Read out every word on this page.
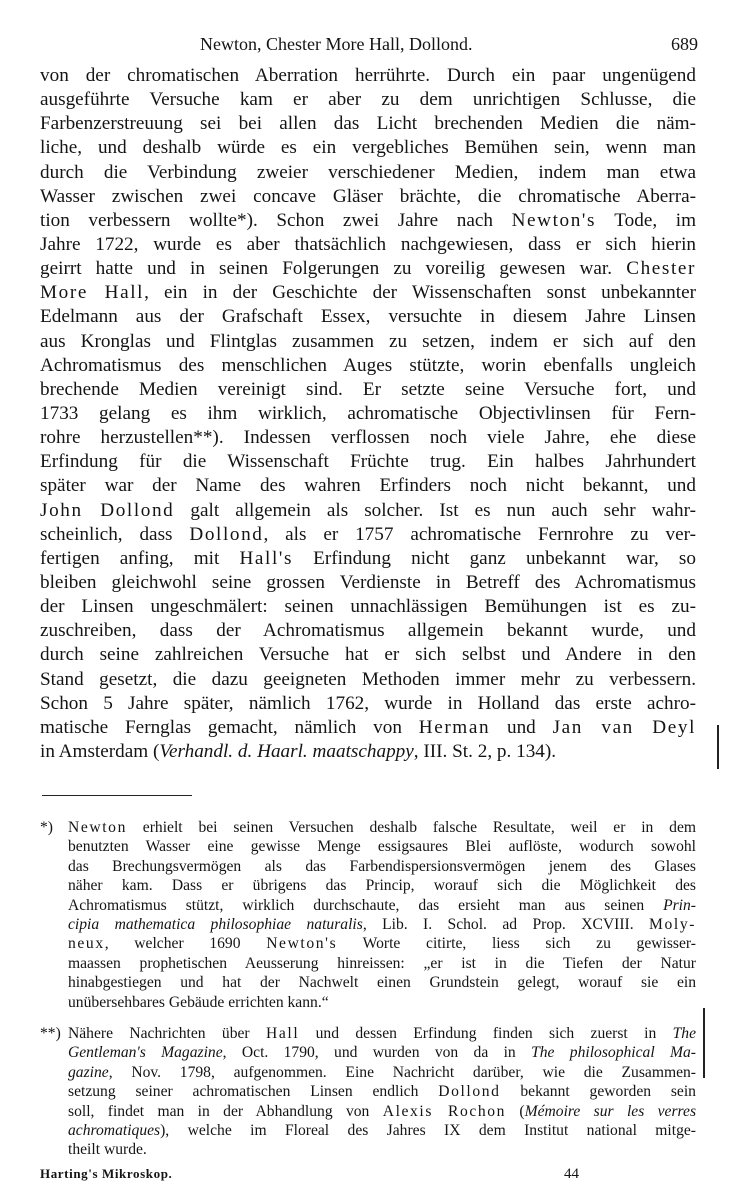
Newton, Chester More Hall, Dollond.	689
von der chromatischen Aberration herrührte. Durch ein paar ungenügend
ausgeführte Versuche kam er aber zu dem unrichtigen Schlusse, die
Farbenzerstreuung sei bei allen das Licht brechenden Medien die näm-
liche, und deshalb würde es ein vergebliches Bemühen sein, wenn man
durch die Verbindung zweier verschiedener Medien, indem man etwa
Wasser zwischen zwei concave Gläser brächte, die chromatische Aberra-
tion verbessern wollte*). Schon zwei Jahre nach Newton's Tode, im
Jahre 1722, wurde es aber thatsächlich nachgewiesen, dass er sich hierin
geirrt hatte und in seinen Folgerungen zu voreilig gewesen war. Chester
More Hall, ein in der Geschichte der Wissenschaften sonst unbekannter
Edelmann aus der Grafschaft Essex, versuchte in diesem Jahre Linsen
aus Kronglas und Flintglas zusammen zu setzen, indem er sich auf den
Achromatismus des menschlichen Auges stützte, worin ebenfalls ungleich
brechende Medien vereinigt sind. Er setzte seine Versuche fort, und
1733 gelang es ihm wirklich, achromatische Objectivlinsen für Fern-
rohre herzustellen**). Indessen verflossen noch viele Jahre, ehe diese
Erfindung für die Wissenschaft Früchte trug. Ein halbes Jahrhundert
später war der Name des wahren Erfinders noch nicht bekannt, und
John Dollond galt allgemein als solcher. Ist es nun auch sehr wahr-
scheinlich, dass Dollond, als er 1757 achromatische Fernrohre zu ver-
fertigen anfing, mit Hall's Erfindung nicht ganz unbekannt war, so
bleiben gleichwohl seine grossen Verdienste in Betreff des Achromatismus
der Linsen ungeschmälert: seinen unnachlässigen Bemühungen ist es zu-
zuschreiben, dass der Achromatismus allgemein bekannt wurde, und
durch seine zahlreichen Versuche hat er sich selbst und Andere in den
Stand gesetzt, die dazu geeigneten Methoden immer mehr zu verbessern.
Schon 5 Jahre später, nämlich 1762, wurde in Holland das erste achro-
matische Fernglas gemacht, nämlich von Herman und Jan van Deyl
in Amsterdam (Verhandl. d. Haarl. maatschappy, III. St. 2, p. 134).
*) Newton erhielt bei seinen Versuchen deshalb falsche Resultate, weil er in dem
benutzten Wasser eine gewisse Menge essigsaures Blei auflöste, wodurch sowohl
das Brechungsvermögen als das Farbendispersionsvermögen jenem des Glases
näher kam. Dass er übrigens das Princip, worauf sich die Möglichkeit des
Achromatismus stützt, wirklich durchschaute, das ersieht man aus seinen Prin-
cipia mathematica philosophiae naturalis, Lib. I. Schol. ad Prop. XCVIII. Moly-
neux, welcher 1690 Newton's Worte citirte, liess sich zu gewisser-
maassen prophetischen Aeusserung hinreissen: „er ist in die Tiefen der Natur
hinabgestiegen und hat der Nachwelt einen Grundstein gelegt, worauf sie ein
unübersehbares Gebäude errichten kann.“
**) Nähere Nachrichten über Hall und dessen Erfindung finden sich zuerst in The
Gentleman's Magazine, Oct. 1790, und wurden von da in The philosophical Ma-
gazine, Nov. 1798, aufgenommen. Eine Nachricht darüber, wie die Zusammen-
setzung seiner achromatischen Linsen endlich Dollond bekannt geworden sein
soll, findet man in der Abhandlung von Alexis Rochon (Mémoire sur les verres
achromatiques), welche im Floreal des Jahres IX dem Institut national mitge-
theilt wurde.
Harting's Mikroskop.	44
